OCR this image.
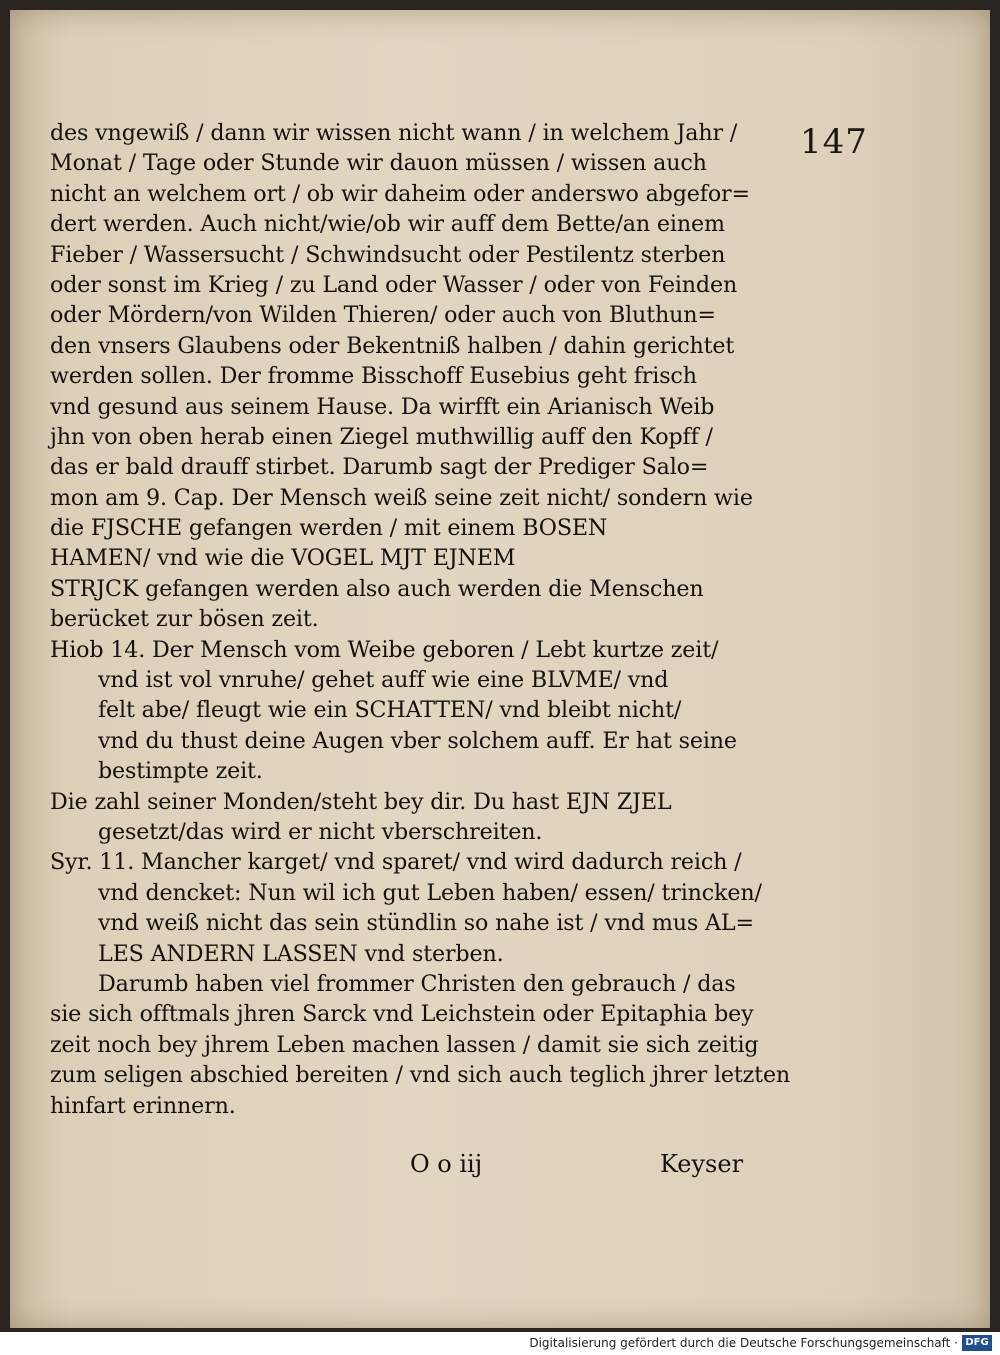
147
des vngewiß / dann wir wissen nicht wann / in welchem Jahr /
Monat / Tage oder Stunde wir dauon müssen / wissen auch
nicht an welchem ort / ob wir daheim oder anderswo abgefor=
dert werden. Auch nicht/wie/ob wir auff dem Bette/an einem
Fieber / Wassersucht / Schwindsucht oder Pestilentz sterben
oder sonst im Krieg / zu Land oder Wasser / oder von Feinden
oder Mördern/von Wilden Thieren/ oder auch von Bluthun=
den vnsers Glaubens oder Bekentniß halben / dahin gerichtet
werden sollen. Der fromme Bisschoff Eusebius geht frisch
vnd gesund aus seinem Hause. Da wirfft ein Arianisch Weib
jhn von oben herab einen Ziegel muthwillig auff den Kopff /
das er bald drauff stirbet. Darumb sagt der Prediger Salo=
mon am 9. Cap. Der Mensch weiß seine zeit nicht/ sondern wie
die FJSCHE gefangen werden / mit einem BOSEN
HAMEN/ vnd wie die VOGEL MJT EJNEM
STRJCK gefangen werden also auch werden die Menschen
berücket zur bösen zeit.
Hiob 14. Der Mensch vom Weibe geboren / Lebt kurtze zeit/
vnd ist vol vnruhe/ gehet auff wie eine BLVME/ vnd
felt abe/ fleugt wie ein SCHATTEN/ vnd bleibt nicht/
vnd du thust deine Augen vber solchem auff. Er hat seine
bestimpte zeit.
Die zahl seiner Monden/steht bey dir. Du hast EJN ZJEL
gesetzt/das wird er nicht vberschreiten.
Syr. 11. Mancher karget/ vnd sparet/ vnd wird dadurch reich /
vnd dencket: Nun wil ich gut Leben haben/ essen/ trincken/
vnd weiß nicht das sein stündlin so nahe ist / vnd mus AL=
LES ANDERN LASSEN vnd sterben.
Darumb haben viel frommer Christen den gebrauch / das
sie sich offtmals jhren Sarck vnd Leichstein oder Epitaphia bey
zeit noch bey jhrem Leben machen lassen / damit sie sich zeitig
zum seligen abschied bereiten / vnd sich auch teglich jhrer letzten
hinfart erinnern.
O o iij	Keyser
Digitalisierung gefördert durch die Deutsche Forschungsgemeinschaft · DFG
